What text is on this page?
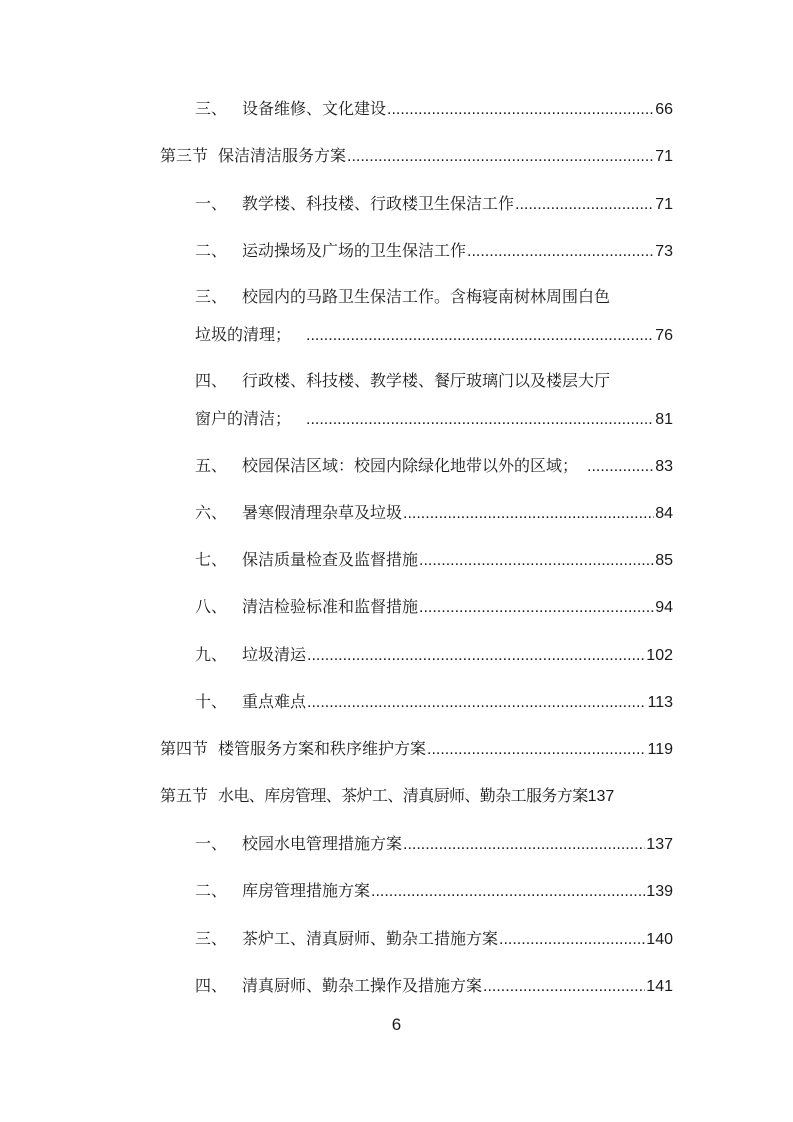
三、 设备维修、文化建设 .....	66
第三节 保洁清洁服务方案 .....	71
一、 教学楼、科技楼、行政楼卫生保洁工作 .....	71
二、 运动操场及广场的卫生保洁工作 .....	73
三、 校园内的马路卫生保洁工作。含梅寝南树林周围白色
垃圾的清理； .....	76
四、 行政楼、科技楼、教学楼、餐厅玻璃门以及楼层大厅
窗户的清洁； .....	81
五、 校园保洁区域：校园内除绿化地带以外的区域； .....	83
六、 暑寒假清理杂草及垃圾 .....	84
七、 保洁质量检查及监督措施 .....	85
八、 清洁检验标准和监督措施 .....	94
九、 垃圾清运 .....	102
十、 重点难点 .....	113
第四节 楼管服务方案和秩序维护方案 .....	119
第五节 水电、库房管理、茶炉工、清真厨师、勤杂工服务方案137
一、 校园水电管理措施方案 .....	137
二、 库房管理措施方案 .....	139
三、 茶炉工、清真厨师、勤杂工措施方案 .....	140
四、 清真厨师、勤杂工操作及措施方案 .....	141
6
